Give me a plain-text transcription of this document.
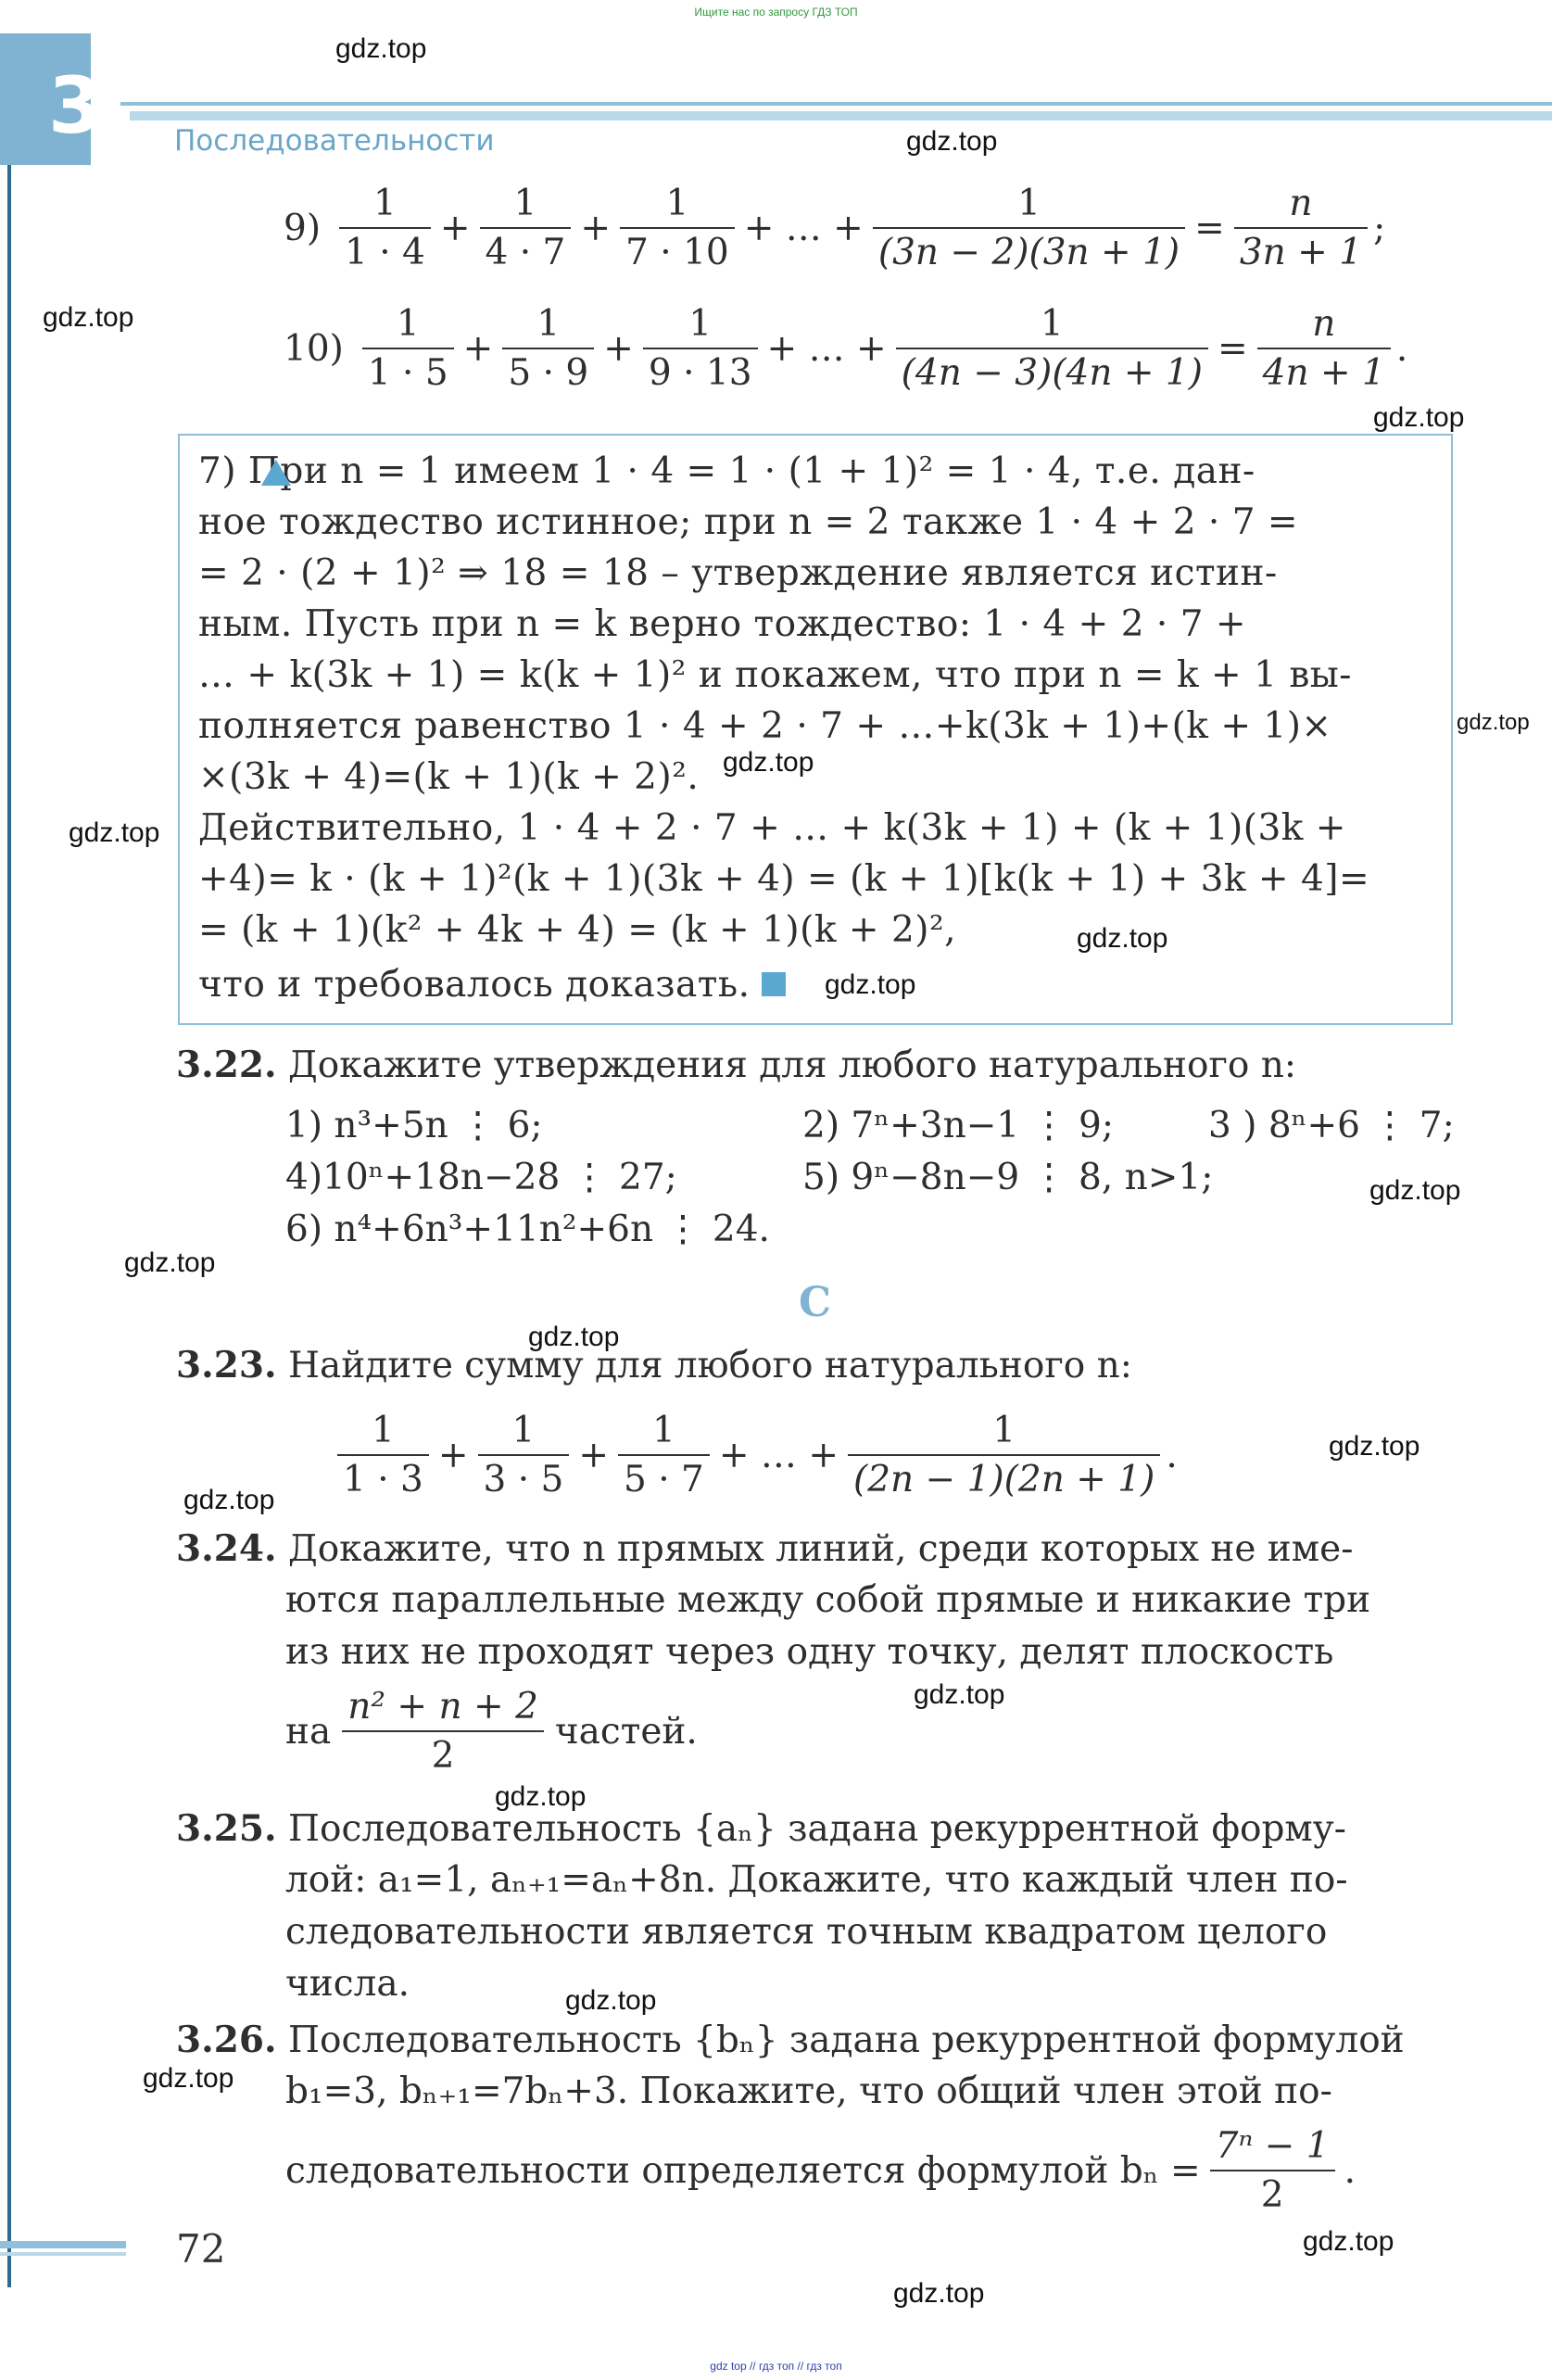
Ищите нас по запросу ГДЗ ТОП
3	Последовательности
$9) \frac{1}{1 \cdot 4} + \frac{1}{4 \cdot 7} + \frac{1}{7 \cdot 10}$ + … + $\frac{1}{(3n - 2)(3n + 1)} = \frac{n}{3n + 1}$ ;
$10) \frac{1}{1 \cdot 5} + \frac{1}{5 \cdot 9} + \frac{1}{9 \cdot 13}$ + … + $\frac{1}{(4n - 3)(4n + 1)} = \frac{n}{4n + 1}$ .
7) При n = 1 имеем 1 · 4 = 1 · (1 + 1)² = 1 · 4, т.е. дан-
ное тождество истинное; при n = 2 также 1 · 4 + 2 · 7 =
= 2 · (2 + 1)² ⇒ 18 = 18 – утверждение является истин-
ным. Пусть при n = k верно тождество: 1 · 4 + 2 · 7 +
… + k(3k + 1) = k(k + 1)² и покажем, что при n = k + 1 вы-
полняется равенство 1 · 4 + 2 · 7 + …+k(3k + 1)+(k + 1)×
×(3k + 4)=(k + 1)(k + 2)².
Действительно, 1 · 4 + 2 · 7 + … + k(3k + 1) + (k + 1)(3k +
+4)= k · (k + 1)²(k + 1)(3k + 4) = (k + 1)[k(k + 1) + 3k + 4]=
= (k + 1)(k² + 4k + 4) = (k + 1)(k + 2)²,
что и требовалось доказать.
3.22. Докажите утверждения для любого натурального n:
1) n³+5n ⋮ 6;	2) 7ⁿ+3n−1 ⋮ 9;	3 ) 8ⁿ+6 ⋮ 7;
4)10ⁿ+18n−28 ⋮ 27;	5) 9ⁿ−8n−9 ⋮ 8, n>1;
6) n⁴+6n³+11n²+6n ⋮ 24.
C
3.23. Найдите сумму для любого натурального n:
$\frac{1}{1 \cdot 3} + \frac{1}{3 \cdot 5} + \frac{1}{5 \cdot 7}$ + … + $\frac{1}{(2n - 1)(2n + 1)}$ .
3.24. Докажите, что n прямых линий, среди которых не име-
ются параллельные между собой прямые и никакие три
из них не проходят через одну точку, делят плоскость
на $\frac{\text{n² + n + 2}}{2}$ частей.
3.25. Последовательность {aₙ} задана рекуррентной форму-
лой: a₁=1, aₙ₊₁=aₙ+8n. Докажите, что каждый член по-
следовательности является точным квадратом целого
числа.
3.26. Последовательность {bₙ} задана рекуррентной формулой
b₁=3, bₙ₊₁=7bₙ+3. Покажите, что общий член этой по-
следовательности определяется формулой $b_n = \frac{\text{7ⁿ − 1}}{2}$ .
72
gdz top // гдз топ // гдз топ
gdz.top
gdz.top
gdz.top
gdz.top
gdz.top
gdz.top
gdz.top
gdz.top
gdz.top
gdz.top
gdz.top
gdz.top
gdz.top
gdz.top
gdz.top
gdz.top
gdz.top
gdz.top
gdz.top
gdz.top
